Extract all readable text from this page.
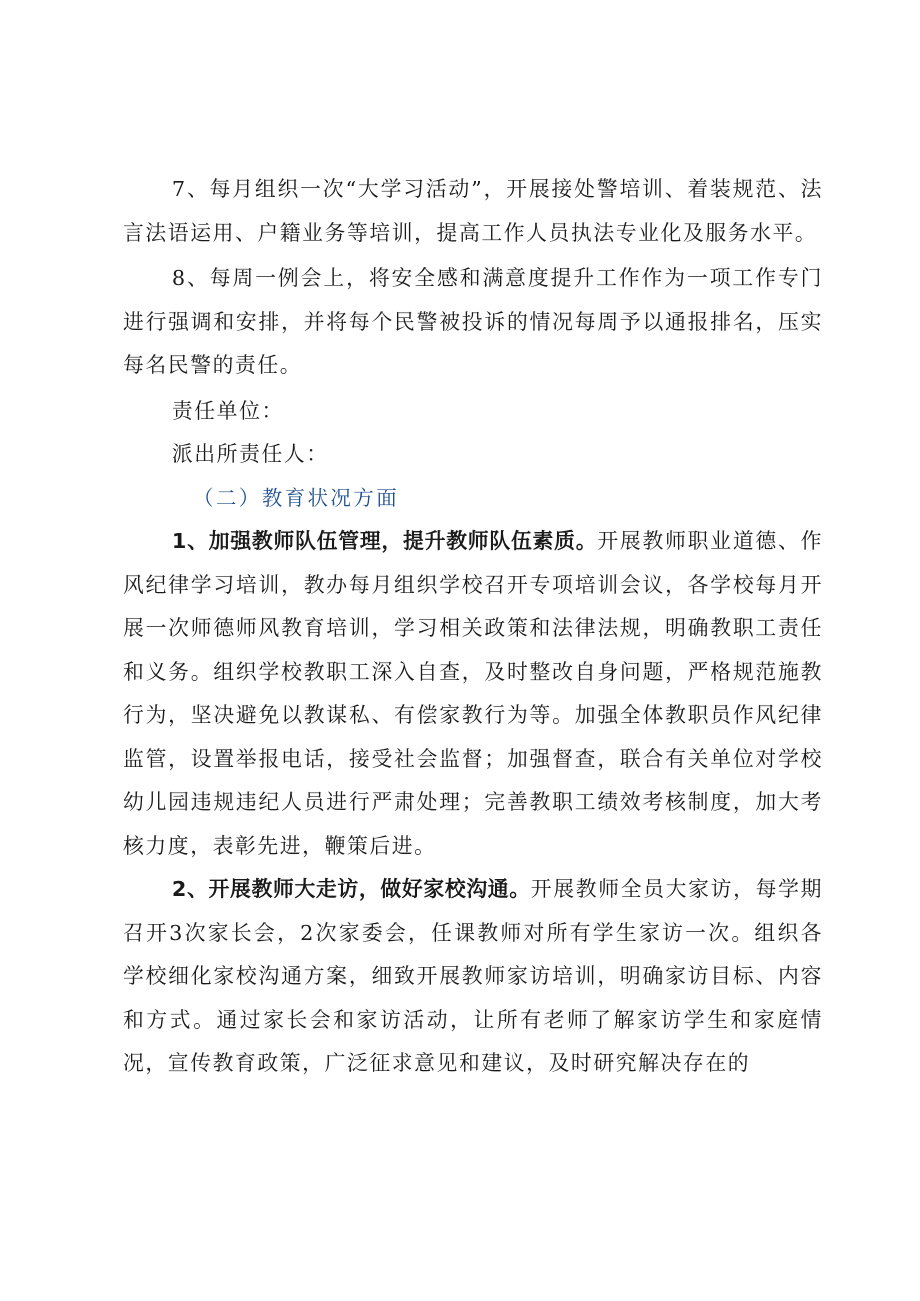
7、每月组织一次“大学习活动”，开展接处警培训、着装规范、法言法语运用、户籍业务等培训，提高工作人员执法专业化及服务水平。

8、每周一例会上，将安全感和满意度提升工作作为一项工作专门进行强调和安排，并将每个民警被投诉的情况每周予以通报排名，压实每名民警的责任。

责任单位：

派出所责任人：

（二）教育状况方面

1、加强教师队伍管理，提升教师队伍素质。开展教师职业道德、作风纪律学习培训，教办每月组织学校召开专项培训会议，各学校每月开展一次师德师风教育培训，学习相关政策和法律法规，明确教职工责任和义务。组织学校教职工深入自查，及时整改自身问题，严格规范施教行为，坚决避免以教谋私、有偿家教行为等。加强全体教职员作风纪律监管，设置举报电话，接受社会监督；加强督查，联合有关单位对学校幼儿园违规违纪人员进行严肃处理；完善教职工绩效考核制度，加大考核力度，表彰先进，鞭策后进。

2、开展教师大走访，做好家校沟通。开展教师全员大家访，每学期召开3次家长会，2次家委会，任课教师对所有学生家访一次。组织各学校细化家校沟通方案，细致开展教师家访培训，明确家访目标、内容和方式。通过家长会和家访活动，让所有老师了解家访学生和家庭情况，宣传教育政策，广泛征求意见和建议，及时研究解决存在的
